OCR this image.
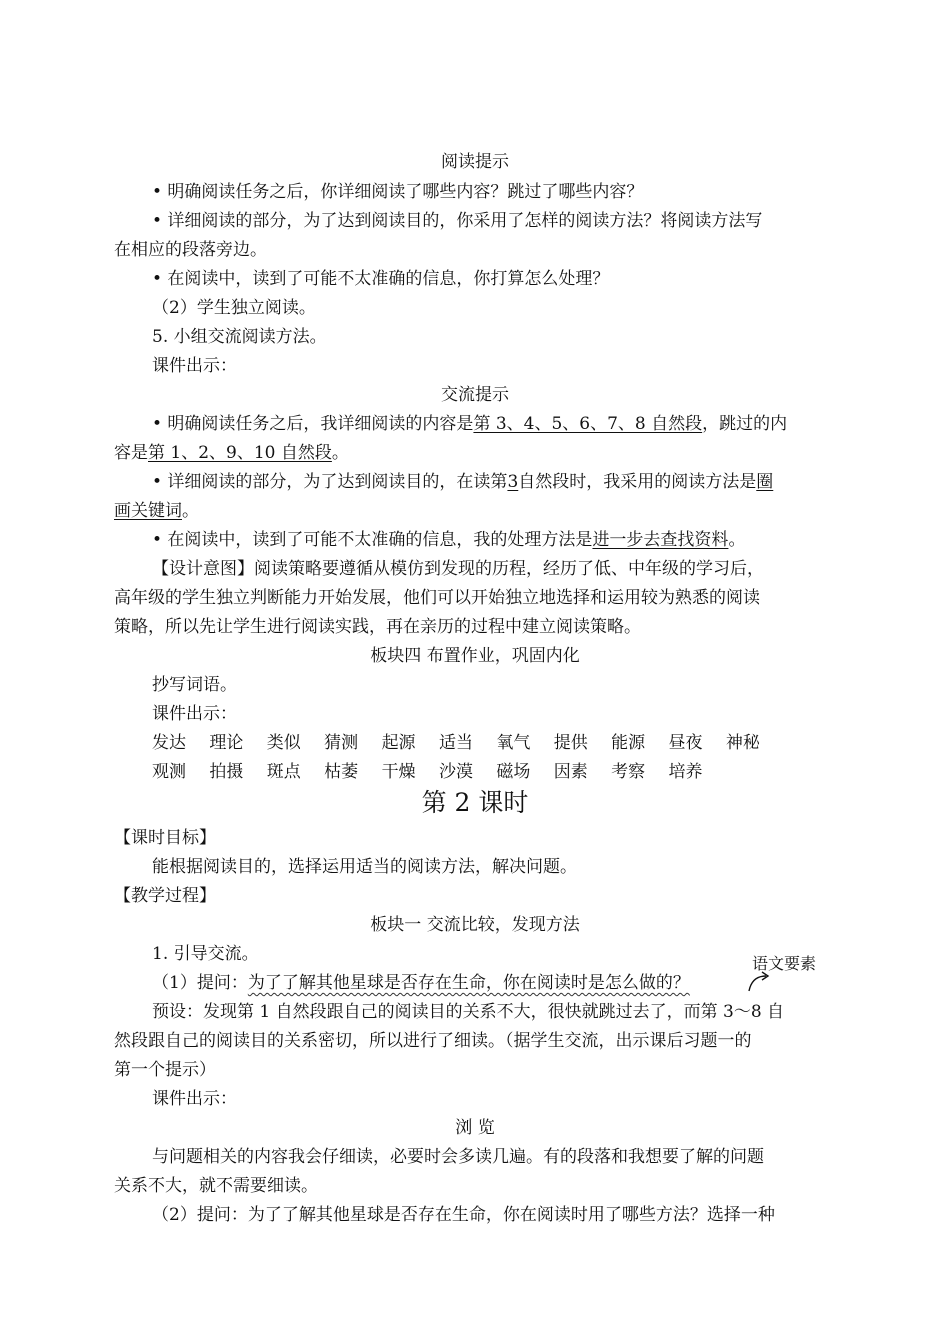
阅读提示
• 明确阅读任务之后，你详细阅读了哪些内容？跳过了哪些内容？
• 详细阅读的部分，为了达到阅读目的，你采用了怎样的阅读方法？将阅读方法写
在相应的段落旁边。
• 在阅读中，读到了可能不太准确的信息，你打算怎么处理？
（2）学生独立阅读。
5. 小组交流阅读方法。
课件出示：
交流提示
• 明确阅读任务之后，我详细阅读的内容是第 3、4、5、6、7、8 自然段，跳过的内
容是第 1、2、9、10 自然段。
• 详细阅读的部分，为了达到阅读目的，在读第3自然段时，我采用的阅读方法是圈
画关键词。
• 在阅读中，读到了可能不太准确的信息，我的处理方法是进一步去查找资料。
【设计意图】阅读策略要遵循从模仿到发现的历程，经历了低、中年级的学习后，
高年级的学生独立判断能力开始发展，他们可以开始独立地选择和运用较为熟悉的阅读
策略，所以先让学生进行阅读实践，再在亲历的过程中建立阅读策略。
板块四 布置作业，巩固内化
抄写词语。
课件出示：
发达 理论 类似 猜测 起源 适当 氧气 提供 能源 昼夜 神秘
观测 拍摄 斑点 枯萎 干燥 沙漠 磁场 因素 考察 培养
第 2 课时
【课时目标】
能根据阅读目的，选择运用适当的阅读方法，解决问题。
【教学过程】
板块一 交流比较，发现方法
1. 引导交流。	语文要素
（1）提问：为了了解其他星球是否存在生命，你在阅读时是怎么做的？
预设：发现第 1 自然段跟自己的阅读目的关系不大，很快就跳过去了，而第 3～8 自
然段跟自己的阅读目的关系密切，所以进行了细读。（据学生交流，出示课后习题一的
第一个提示）
课件出示：
浏 览
与问题相关的内容我会仔细读，必要时会多读几遍。有的段落和我想要了解的问题
关系不大，就不需要细读。
（2）提问：为了了解其他星球是否存在生命，你在阅读时用了哪些方法？选择一种
